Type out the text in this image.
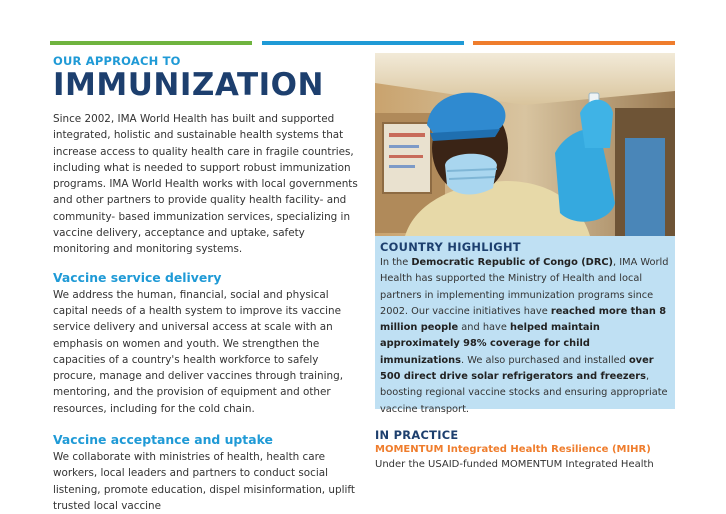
OUR APPROACH TO

IMMUNIZATION

Since 2002, IMA World Health has built and supported integrated, holistic and sustainable health systems that increase access to quality health care in fragile countries, including what is needed to support robust immunization programs. IMA World Health works with local governments and other partners to provide quality health facility- and community- based immunization services, specializing in vaccine delivery, acceptance and uptake, safety monitoring and monitoring systems.

Vaccine service delivery

We address the human, financial, social and physical capital needs of a health system to improve its vaccine service delivery and universal access at scale with an emphasis on women and youth. We strengthen the capacities of a country's health workforce to safely procure, manage and deliver vaccines through training, mentoring, and the provision of equipment and other resources, including for the cold chain.

Vaccine acceptance and uptake

We collaborate with ministries of health, health care workers, local leaders and partners to conduct social listening, promote education, dispel misinformation, uplift trusted local vaccine

COUNTRY HIGHLIGHT

In the Democratic Republic of Congo (DRC), IMA World Health has supported the Ministry of Health and local partners in implementing immunization programs since 2002. Our vaccine initiatives have reached more than 8 million people and have helped maintain approximately 98% coverage for child immunizations. We also purchased and installed over 500 direct drive solar refrigerators and freezers, boosting regional vaccine stocks and ensuring appropriate vaccine transport.

IN PRACTICE

MOMENTUM Integrated Health Resilience (MIHR)

Under the USAID-funded MOMENTUM Integrated Health
